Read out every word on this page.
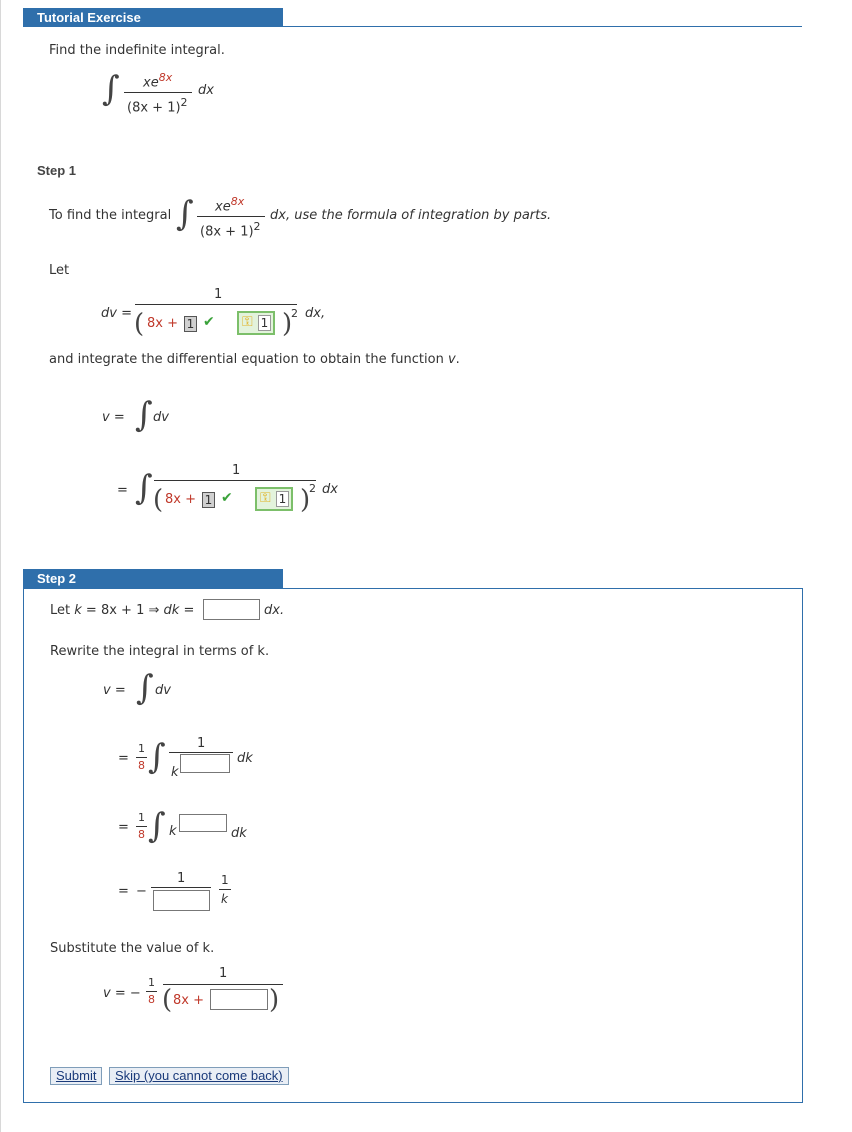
Tutorial Exercise
Find the indefinite integral.
∫ $xe^{8x}$
$(8x + 1)^2$
dx
Step 1
To find the integral ∫ $xe^{8x}$
$(8x + 1)^2$
dx, use the formula of integration by parts.
Let
dv =
1
( 8x + 1 ✔ ⚿ 1 )
2 dx,
and integrate the differential equation to obtain the function v.
v = ∫ dv
= ∫	1
( 8x + 1 ✔ ⚿ 1 )
2 dx
Step 2
Let k = 8x + 1 ⇒ dk =	dx.
Rewrite the integral in terms of k.
v = ∫ dv
=
1
8 ∫ 1
k
dk
=
1
8 ∫ k	dk
= −
1	1
k
Substitute the value of k.
v = −
1
8
1
( 8x +	)
Submit	Skip (you cannot come back)
